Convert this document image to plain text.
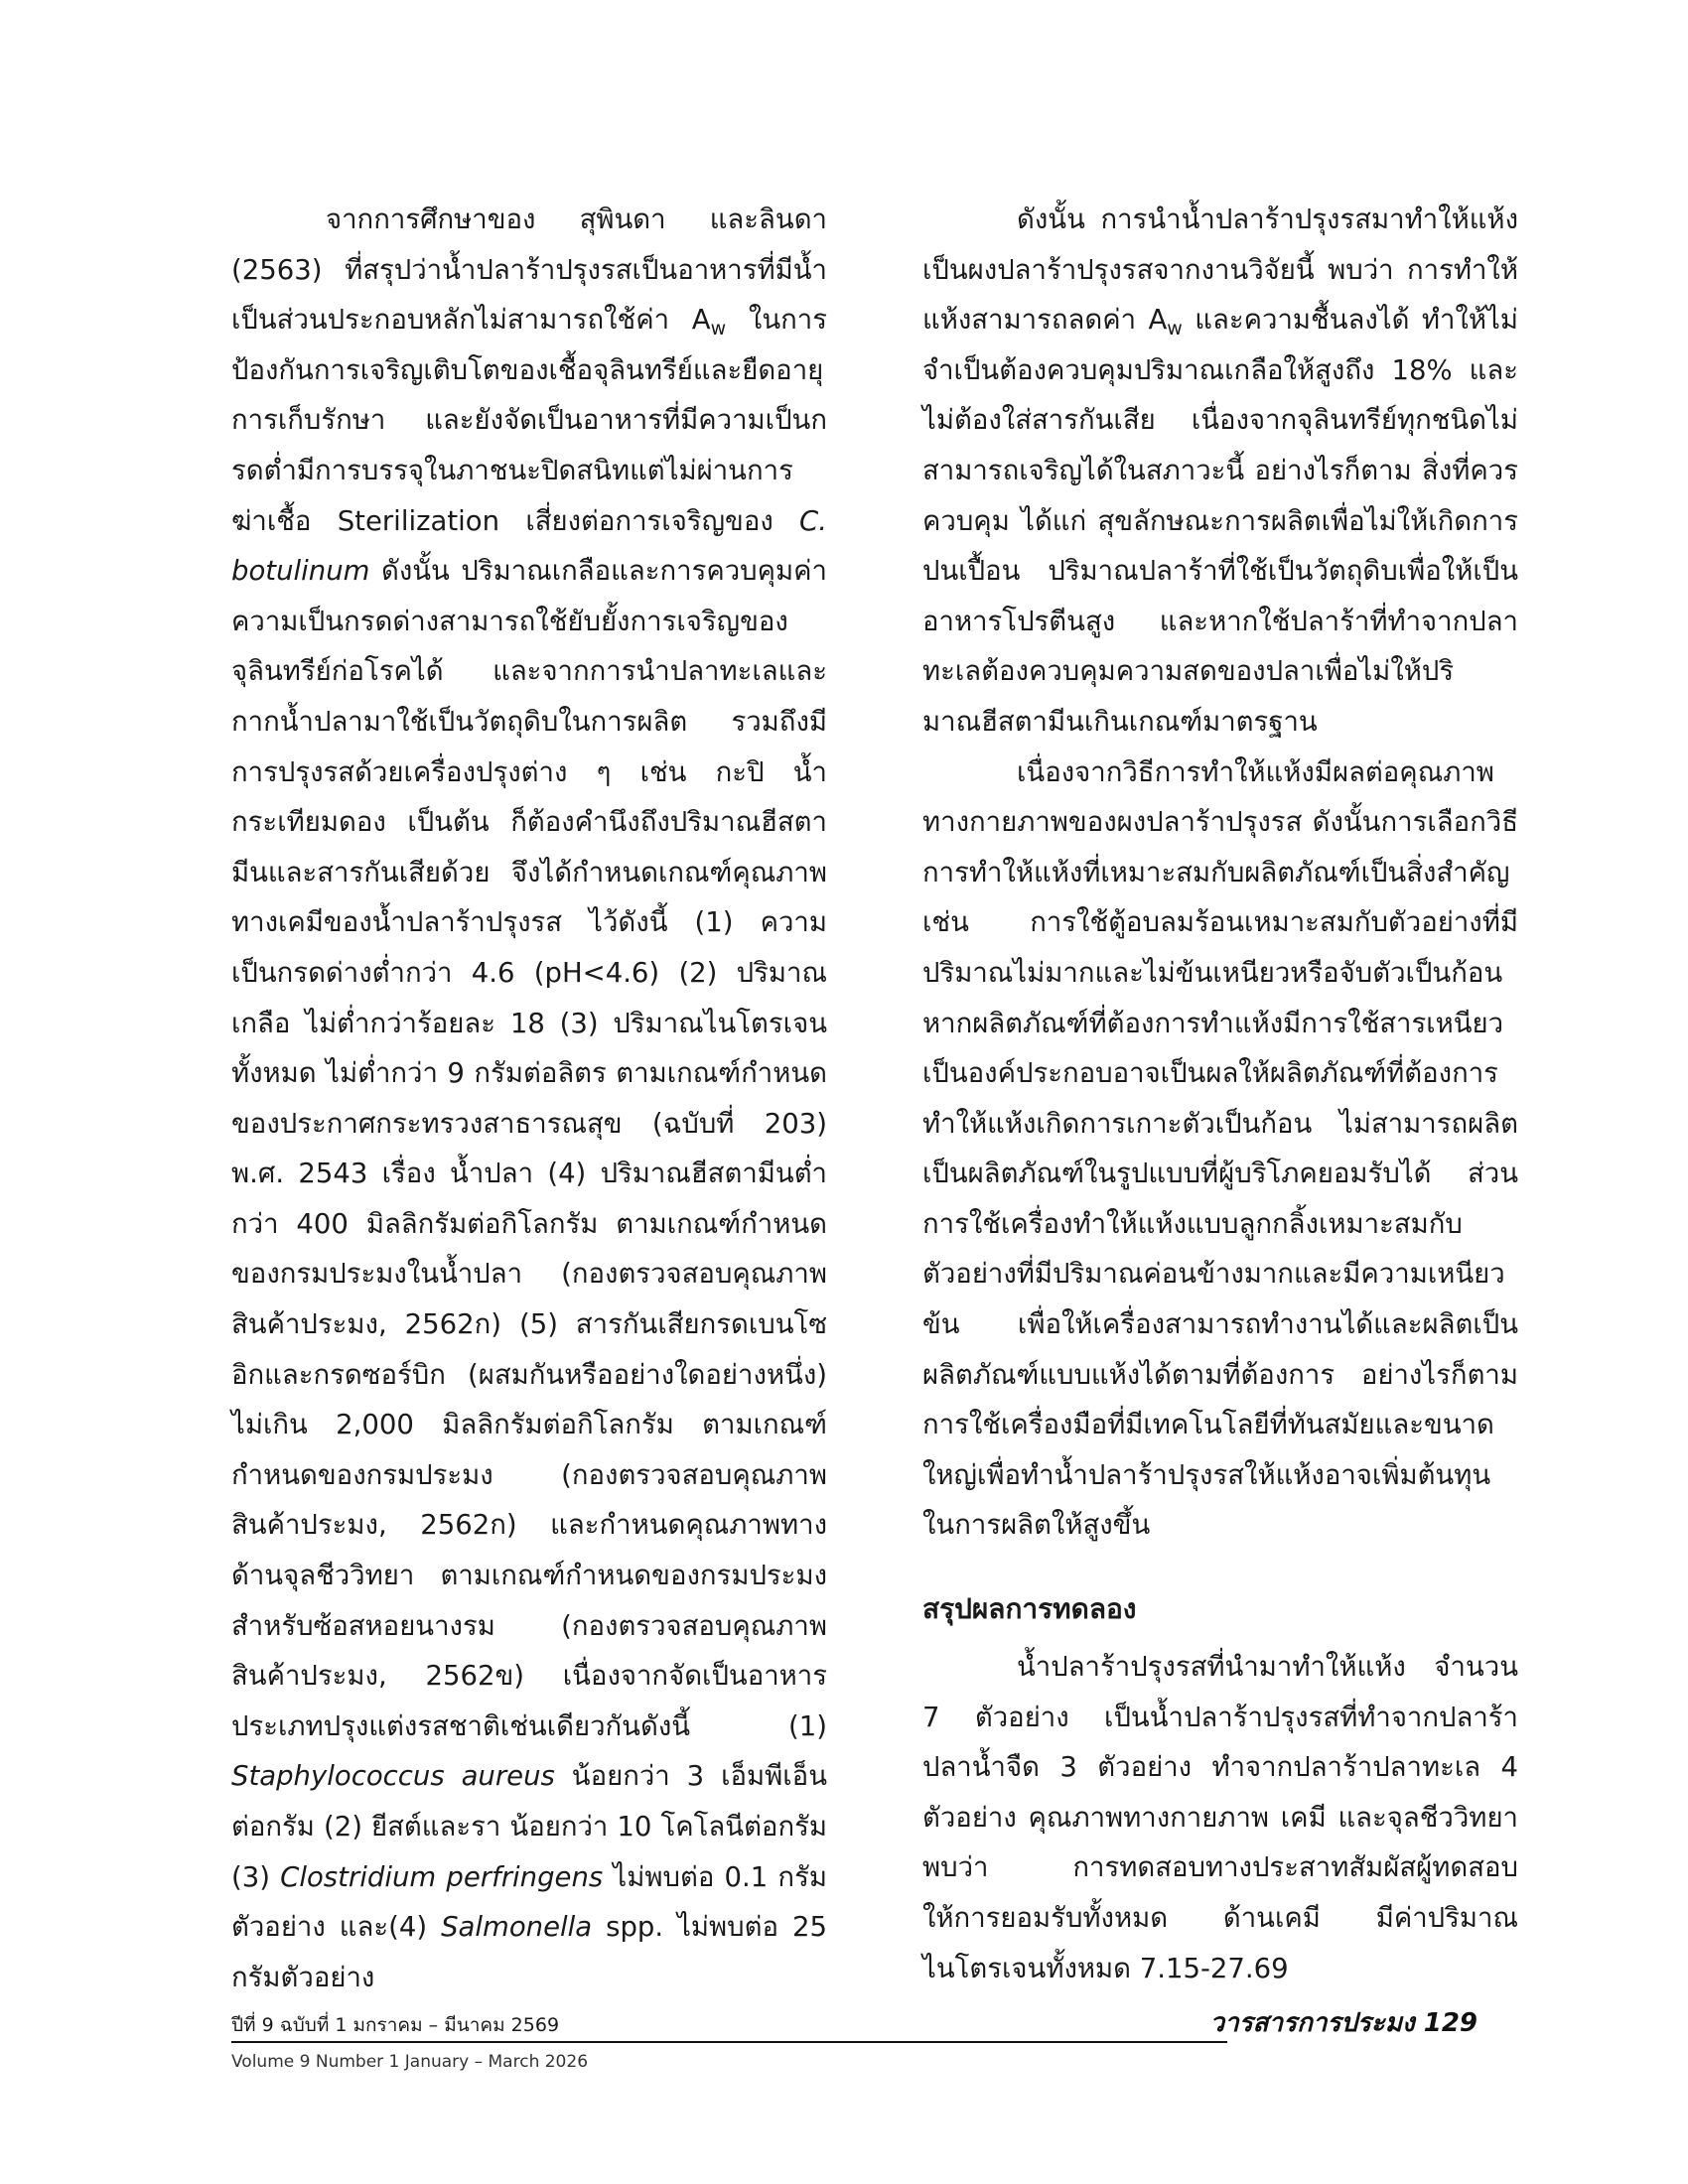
จากการศึกษาของ สุพินดา และลินดา (2563) ที่สรุปว่าน้ำปลาร้าปรุงรสเป็นอาหารที่มีน้ำเป็นส่วนประกอบหลักไม่สามารถใช้ค่า $A_w$ ในการป้องกันการเจริญเติบโตของเชื้อจุลินทรีย์และยืดอายุการเก็บรักษา และยังจัดเป็นอาหารที่มีความเป็นกรดต่ำมีการบรรจุในภาชนะปิดสนิทแต่ไม่ผ่านการฆ่าเชื้อ Sterilization เสี่ยงต่อการเจริญของ C. botulinum ดังนั้น ปริมาณเกลือและการควบคุมค่าความเป็นกรดด่างสามารถใช้ยับยั้งการเจริญของจุลินทรีย์ก่อโรคได้ และจากการนำปลาทะเลและกากน้ำปลามาใช้เป็นวัตถุดิบในการผลิต รวมถึงมีการปรุงรสด้วยเครื่องปรุงต่าง ๆ เช่น กะปิ น้ำกระเทียมดอง เป็นต้น ก็ต้องคำนึงถึงปริมาณฮีสตามีนและสารกันเสียด้วย จึงได้กำหนดเกณฑ์คุณภาพทางเคมีของน้ำปลาร้าปรุงรส ไว้ดังนี้ (1) ความเป็นกรดด่างต่ำกว่า 4.6 (pH<4.6) (2) ปริมาณเกลือ ไม่ต่ำกว่าร้อยละ 18 (3) ปริมาณไนโตรเจนทั้งหมด ไม่ต่ำกว่า 9 กรัมต่อลิตร ตามเกณฑ์กำหนดของประกาศกระทรวงสาธารณสุข (ฉบับที่ 203) พ.ศ. 2543 เรื่อง น้ำปลา (4) ปริมาณฮีสตามีนต่ำกว่า 400 มิลลิกรัมต่อกิโลกรัม ตามเกณฑ์กำหนดของกรมประมงในน้ำปลา (กองตรวจสอบคุณภาพสินค้าประมง, 2562ก) (5) สารกันเสียกรดเบนโซอิกและกรดซอร์บิก (ผสมกันหรืออย่างใดอย่างหนึ่ง) ไม่เกิน 2,000 มิลลิกรัมต่อกิโลกรัม ตามเกณฑ์กำหนดของกรมประมง (กองตรวจสอบคุณภาพสินค้าประมง, 2562ก) และกำหนดคุณภาพทางด้านจุลชีววิทยา ตามเกณฑ์กำหนดของกรมประมงสำหรับซ้อสหอยนางรม (กองตรวจสอบคุณภาพสินค้าประมง, 2562ข) เนื่องจากจัดเป็นอาหารประเภทปรุงแต่งรสชาติเช่นเดียวกันดังนี้ (1) Staphylococcus aureus น้อยกว่า 3 เอ็มพีเอ็นต่อกรัม (2) ยีสต์และรา น้อยกว่า 10 โคโลนีต่อกรัม (3) Clostridium perfringens ไม่พบต่อ 0.1 กรัมตัวอย่าง และ(4) Salmonella spp. ไม่พบต่อ 25 กรัมตัวอย่าง

ดังนั้น การนำน้ำปลาร้าปรุงรสมาทำให้แห้งเป็นผงปลาร้าปรุงรสจากงานวิจัยนี้ พบว่า การทำให้แห้งสามารถลดค่า $A_w$ และความชื้นลงได้ ทำให้ไม่จำเป็นต้องควบคุมปริมาณเกลือให้สูงถึง 18% และไม่ต้องใส่สารกันเสีย เนื่องจากจุลินทรีย์ทุกชนิดไม่สามารถเจริญได้ในสภาวะนี้ อย่างไรก็ตาม สิ่งที่ควรควบคุม ได้แก่ สุขลักษณะการผลิตเพื่อไม่ให้เกิดการปนเปื้อน ปริมาณปลาร้าที่ใช้เป็นวัตถุดิบเพื่อให้เป็นอาหารโปรตีนสูง และหากใช้ปลาร้าที่ทำจากปลาทะเลต้องควบคุมความสดของปลาเพื่อไม่ให้ปริมาณฮีสตามีนเกินเกณฑ์มาตรฐาน

เนื่องจากวิธีการทำให้แห้งมีผลต่อคุณภาพทางกายภาพของผงปลาร้าปรุงรส ดังนั้นการเลือกวิธีการทำให้แห้งที่เหมาะสมกับผลิตภัณฑ์เป็นสิ่งสำคัญ เช่น การใช้ตู้อบลมร้อนเหมาะสมกับตัวอย่างที่มีปริมาณไม่มากและไม่ข้นเหนียวหรือจับตัวเป็นก้อน หากผลิตภัณฑ์ที่ต้องการทำแห้งมีการใช้สารเหนียวเป็นองค์ประกอบอาจเป็นผลให้ผลิตภัณฑ์ที่ต้องการทำให้แห้งเกิดการเกาะตัวเป็นก้อน ไม่สามารถผลิตเป็นผลิตภัณฑ์ในรูปแบบที่ผู้บริโภคยอมรับได้ ส่วนการใช้เครื่องทำให้แห้งแบบลูกกลิ้งเหมาะสมกับตัวอย่างที่มีปริมาณค่อนข้างมากและมีความเหนียวข้น เพื่อให้เครื่องสามารถทำงานได้และผลิตเป็นผลิตภัณฑ์แบบแห้งได้ตามที่ต้องการ อย่างไรก็ตาม การใช้เครื่องมือที่มีเทคโนโลยีที่ทันสมัยและขนาดใหญ่เพื่อทำน้ำปลาร้าปรุงรสให้แห้งอาจเพิ่มต้นทุนในการผลิตให้สูงขึ้น

สรุปผลการทดลอง

น้ำปลาร้าปรุงรสที่นำมาทำให้แห้ง จำนวน 7 ตัวอย่าง เป็นน้ำปลาร้าปรุงรสที่ทำจากปลาร้า ปลาน้ำจืด 3 ตัวอย่าง ทำจากปลาร้าปลาทะเล 4 ตัวอย่าง คุณภาพทางกายภาพ เคมี และจุลชีววิทยา พบว่า การทดสอบทางประสาทสัมผัสผู้ทดสอบให้การยอมรับทั้งหมด ด้านเคมี มีค่าปริมาณไนโตรเจนทั้งหมด 7.15-27.69

ปีที่ 9 ฉบับที่ 1 มกราคม – มีนาคม 2569
Volume 9 Number 1 January – March 2026
วารสารการประมง 129
